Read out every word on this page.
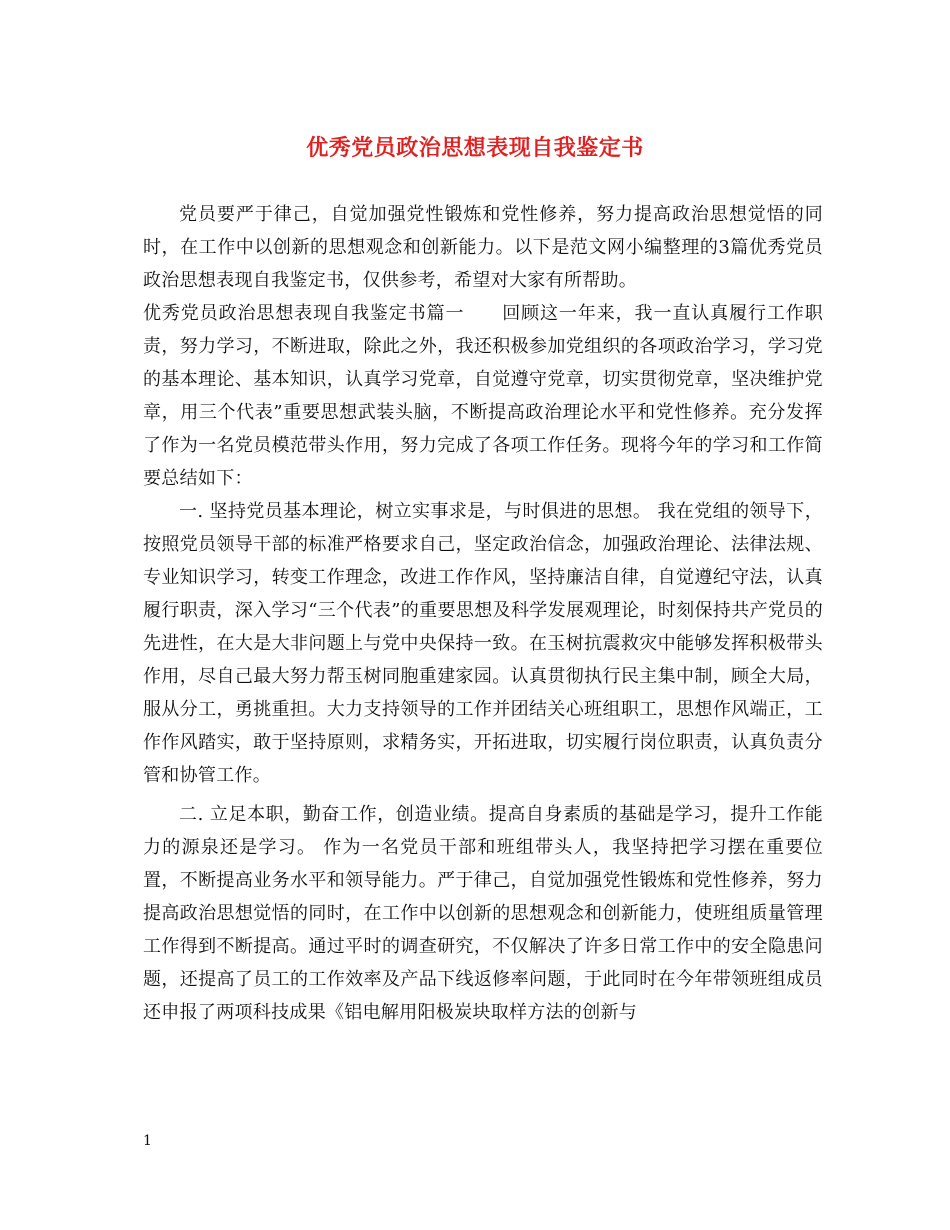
优秀党员政治思想表现自我鉴定书

党员要严于律己，自觉加强党性锻炼和党性修养，努力提高政治思想觉悟的同时，在工作中以创新的思想观念和创新能力。以下是范文网小编整理的3篇优秀党员政治思想表现自我鉴定书，仅供参考，希望对大家有所帮助。

优秀党员政治思想表现自我鉴定书篇一　　回顾这一年来，我一直认真履行工作职责，努力学习，不断进取，除此之外，我还积极参加党组织的各项政治学习，学习党的基本理论、基本知识，认真学习党章，自觉遵守党章，切实贯彻党章，坚决维护党章，用三个代表”重要思想武装头脑，不断提高政治理论水平和党性修养。充分发挥了作为一名党员模范带头作用，努力完成了各项工作任务。现将今年的学习和工作简要总结如下：

一. 坚持党员基本理论，树立实事求是，与时俱进的思想。 我在党组的领导下，按照党员领导干部的标准严格要求自己，坚定政治信念，加强政治理论、法律法规、专业知识学习，转变工作理念，改进工作作风，坚持廉洁自律，自觉遵纪守法，认真履行职责，深入学习“三个代表”的重要思想及科学发展观理论，时刻保持共产党员的先进性，在大是大非问题上与党中央保持一致。在玉树抗震救灾中能够发挥积极带头作用，尽自己最大努力帮玉树同胞重建家园。认真贯彻执行民主集中制，顾全大局，服从分工，勇挑重担。大力支持领导的工作并团结关心班组职工，思想作风端正，工作作风踏实，敢于坚持原则，求精务实，开拓进取，切实履行岗位职责，认真负责分管和协管工作。

二. 立足本职，勤奋工作，创造业绩。提高自身素质的基础是学习，提升工作能力的源泉还是学习。 作为一名党员干部和班组带头人，我坚持把学习摆在重要位置，不断提高业务水平和领导能力。严于律己，自觉加强党性锻炼和党性修养，努力提高政治思想觉悟的同时，在工作中以创新的思想观念和创新能力，使班组质量管理工作得到不断提高。通过平时的调查研究，不仅解决了许多日常工作中的安全隐患问题，还提高了员工的工作效率及产品下线返修率问题，于此同时在今年带领班组成员还申报了两项科技成果《铝电解用阳极炭块取样方法的创新与

1
